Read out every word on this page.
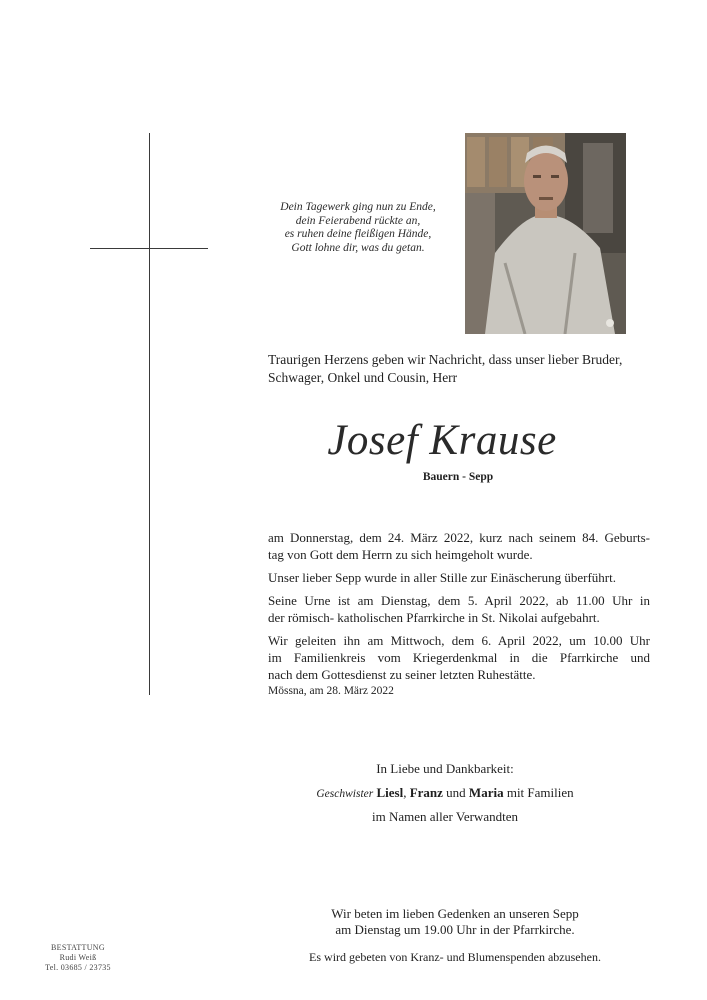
Dein Tagewerk ging nun zu Ende,
dein Feierabend rückte an,
es ruhen deine fleißigen Hände,
Gott lohne dir, was du getan.
Traurigen Herzens geben wir Nachricht, dass unser lieber Bruder,
Schwager, Onkel und Cousin, Herr
Josef Krause
Bauern - Sepp

am Donnerstag, dem 24. März 2022, kurz nach seinem 84. Geburts-
tag von Gott dem Herrn zu sich heimgeholt wurde.

Unser lieber Sepp wurde in aller Stille zur Einäscherung überführt.

Seine Urne ist am Dienstag, dem 5. April 2022, ab 11.00 Uhr in
der römisch- katholischen Pfarrkirche in St. Nikolai aufgebahrt.

Wir geleiten ihn am Mittwoch, dem 6. April 2022, um 10.00 Uhr
im Familienkreis vom Kriegerdenkmal in die Pfarrkirche und
nach dem Gottesdienst zu seiner letzten Ruhestätte.

Mössna, am 28. März 2022
In Liebe und Dankbarkeit:
Geschwister Liesl, Franz und Maria mit Familien
im Namen aller Verwandten
Wir beten im lieben Gedenken an unseren Sepp
am Dienstag um 19.00 Uhr in der Pfarrkirche.
Es wird gebeten von Kranz- und Blumenspenden abzusehen.
BESTATTUNG
Rudi Weiß
Tel. 03685 / 23735
